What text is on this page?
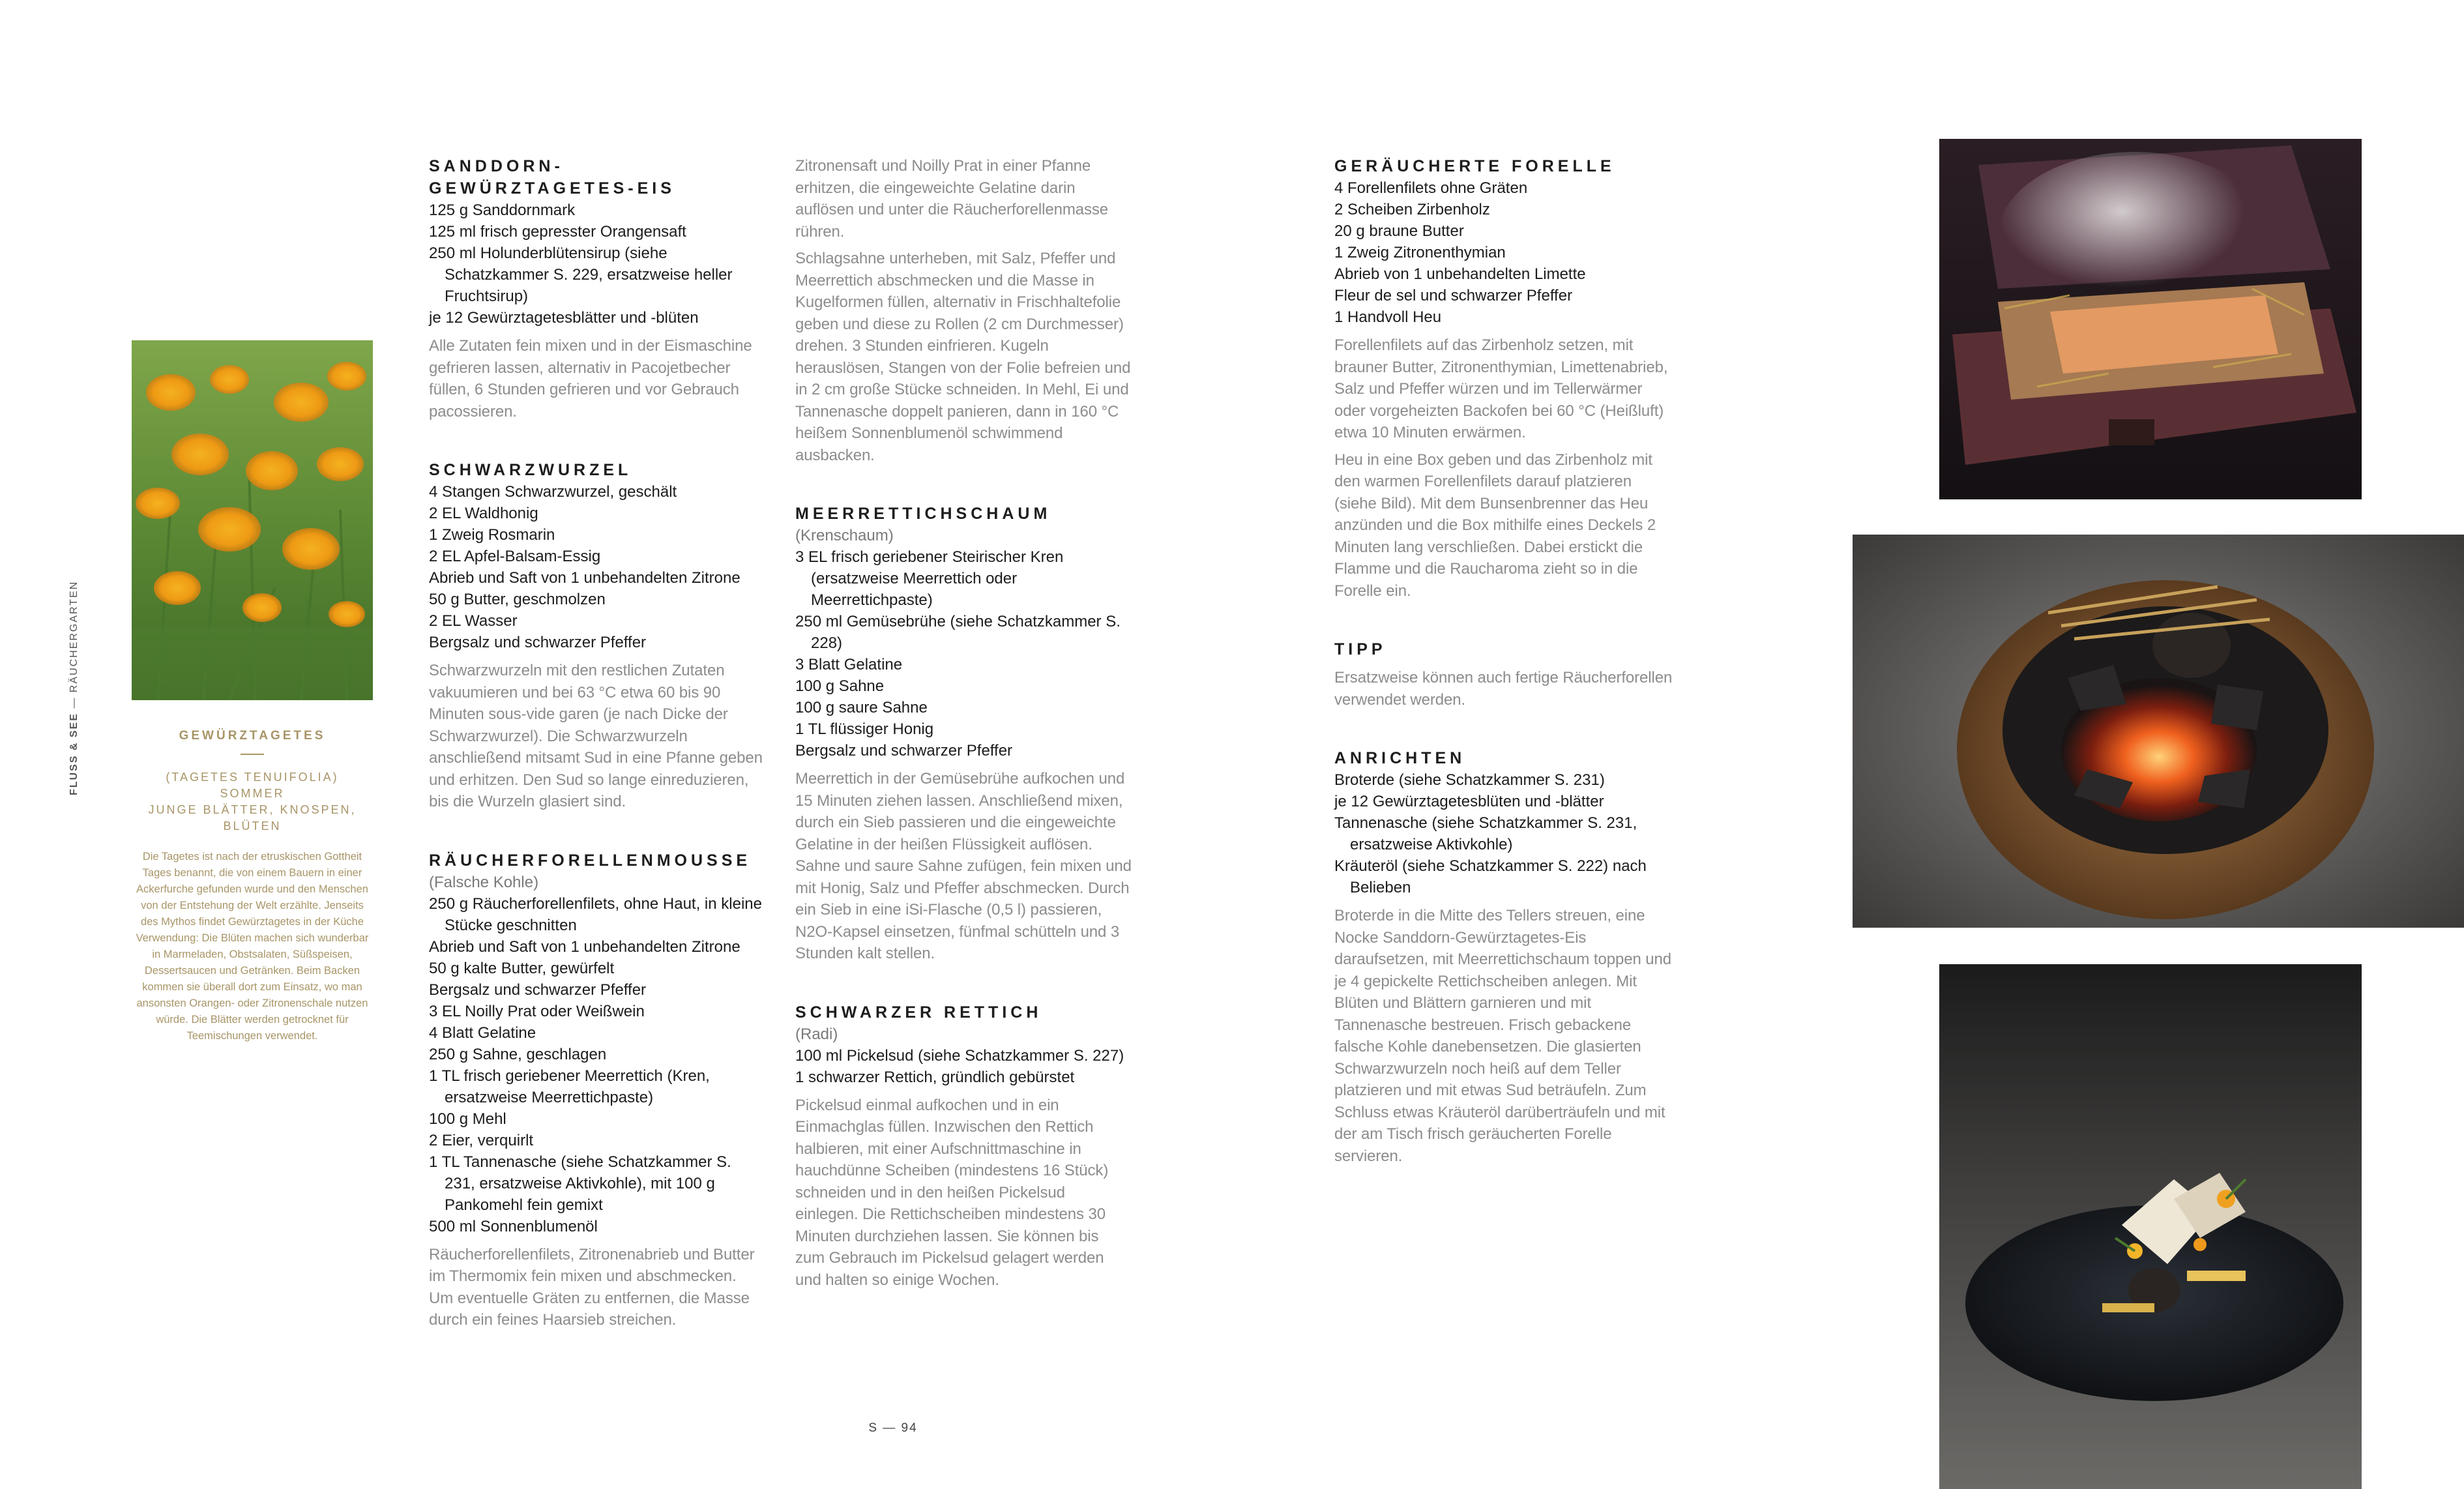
FLUSS & SEE — RÄUCHERGARTEN
GEWÜRZTAGETES
(TAGETES TENUIFOLIA)
SOMMER
JUNGE BLÄTTER, KNOSPEN, BLÜTEN
Die Tagetes ist nach der etruskischen Gottheit Tages benannt, die von einem Bauern in einer Ackerfurche gefunden wurde und den Menschen von der Entstehung der Welt erzählte. Jenseits des Mythos findet Gewürztagetes in der Küche Verwendung: Die Blüten machen sich wunderbar in Marmeladen, Obstsalaten, Süßspeisen, Dessertsaucen und Getränken. Beim Backen kommen sie überall dort zum Einsatz, wo man ansonsten Orangen- oder Zitronenschale nutzen würde. Die Blätter werden getrocknet für Teemischungen verwendet.
SANDDORN-GEWÜRZTAGETES-EIS
125 g Sanddornmark
125 ml frisch gepresster Orangensaft
250 ml Holunderblütensirup (siehe Schatzkammer S. 229, ersatzweise heller Fruchtsirup)
je 12 Gewürztagetesblätter und -blüten

Alle Zutaten fein mixen und in der Eismaschine gefrieren lassen, alternativ in Pacojetbecher füllen, 6 Stunden gefrieren und vor Gebrauch pacossieren.

SCHWARZWURZEL
4 Stangen Schwarzwurzel, geschält
2 EL Waldhonig
1 Zweig Rosmarin
2 EL Apfel-Balsam-Essig
Abrieb und Saft von 1 unbehandelten Zitrone
50 g Butter, geschmolzen
2 EL Wasser
Bergsalz und schwarzer Pfeffer

Schwarzwurzeln mit den restlichen Zutaten vakuumieren und bei 63 °C etwa 60 bis 90 Minuten sous-vide garen (je nach Dicke der Schwarzwurzel). Die Schwarzwurzeln anschließend mitsamt Sud in eine Pfanne geben und erhitzen. Den Sud so lange einreduzieren, bis die Wurzeln glasiert sind.

RÄUCHERFORELLENMOUSSE
(Falsche Kohle)
250 g Räucherforellenfilets, ohne Haut, in kleine Stücke geschnitten
Abrieb und Saft von 1 unbehandelten Zitrone
50 g kalte Butter, gewürfelt
Bergsalz und schwarzer Pfeffer
3 EL Noilly Prat oder Weißwein
4 Blatt Gelatine
250 g Sahne, geschlagen
1 TL frisch geriebener Meerrettich (Kren, ersatzweise Meerrettichpaste)
100 g Mehl
2 Eier, verquirlt
1 TL Tannenasche (siehe Schatzkammer S. 231, ersatzweise Aktivkohle), mit 100 g Pankomehl fein gemixt
500 ml Sonnenblumenöl

Räucherforellenfilets, Zitronenabrieb und Butter im Thermomix fein mixen und abschmecken. Um eventuelle Gräten zu entfernen, die Masse durch ein feines Haarsieb streichen.

Zitronensaft und Noilly Prat in einer Pfanne erhitzen, die eingeweichte Gelatine darin auflösen und unter die Räucherforellenmasse rühren.

Schlagsahne unterheben, mit Salz, Pfeffer und Meerrettich abschmecken und die Masse in Kugelformen füllen, alternativ in Frischhaltefolie geben und diese zu Rollen (2 cm Durchmesser) drehen. 3 Stunden einfrieren. Kugeln herauslösen, Stangen von der Folie befreien und in 2 cm große Stücke schneiden. In Mehl, Ei und Tannenasche doppelt panieren, dann in 160 °C heißem Sonnenblumenöl schwimmend ausbacken.

MEERRETTICHSCHAUM
(Krenschaum)
3 EL frisch geriebener Steirischer Kren (ersatzweise Meerrettich oder Meerrettichpaste)
250 ml Gemüsebrühe (siehe Schatzkammer S. 228)
3 Blatt Gelatine
100 g Sahne
100 g saure Sahne
1 TL flüssiger Honig
Bergsalz und schwarzer Pfeffer

Meerrettich in der Gemüsebrühe aufkochen und 15 Minuten ziehen lassen. Anschließend mixen, durch ein Sieb passieren und die eingeweichte Gelatine in der heißen Flüssigkeit auflösen. Sahne und saure Sahne zufügen, fein mixen und mit Honig, Salz und Pfeffer abschmecken. Durch ein Sieb in eine iSi-Flasche (0,5 l) passieren, N2O-Kapsel einsetzen, fünfmal schütteln und 3 Stunden kalt stellen.

SCHWARZER RETTICH
(Radi)
100 ml Pickelsud (siehe Schatzkammer S. 227)
1 schwarzer Rettich, gründlich gebürstet

Pickelsud einmal aufkochen und in ein Einmachglas füllen. Inzwischen den Rettich halbieren, mit einer Aufschnittmaschine in hauchdünne Scheiben (mindestens 16 Stück) schneiden und in den heißen Pickelsud einlegen. Die Rettichscheiben mindestens 30 Minuten durchziehen lassen. Sie können bis zum Gebrauch im Pickelsud gelagert werden und halten so einige Wochen.

GERÄUCHERTE FORELLE
4 Forellenfilets ohne Gräten
2 Scheiben Zirbenholz
20 g braune Butter
1 Zweig Zitronenthymian
Abrieb von 1 unbehandelten Limette
Fleur de sel und schwarzer Pfeffer
1 Handvoll Heu

Forellenfilets auf das Zirbenholz setzen, mit brauner Butter, Zitronenthymian, Limettenabrieb, Salz und Pfeffer würzen und im Tellerwärmer oder vorgeheizten Backofen bei 60 °C (Heißluft) etwa 10 Minuten erwärmen.

Heu in eine Box geben und das Zirbenholz mit den warmen Forellenfilets darauf platzieren (siehe Bild). Mit dem Bunsenbrenner das Heu anzünden und die Box mithilfe eines Deckels 2 Minuten lang verschließen. Dabei erstickt die Flamme und die Raucharoma zieht so in die Forelle ein.

TIPP

Ersatzweise können auch fertige Räucherforellen verwendet werden.

ANRICHTEN
Broterde (siehe Schatzkammer S. 231)
je 12 Gewürztagetesblüten und -blätter
Tannenasche (siehe Schatzkammer S. 231, ersatzweise Aktivkohle)
Kräuteröl (siehe Schatzkammer S. 222) nach Belieben

Broterde in die Mitte des Tellers streuen, eine Nocke Sanddorn-Gewürztagetes-Eis daraufsetzen, mit Meerrettichschaum toppen und je 4 gepickelte Rettichscheiben anlegen. Mit Blüten und Blättern garnieren und mit Tannenasche bestreuen. Frisch gebackene falsche Kohle danebensetzen. Die glasierten Schwarzwurzeln noch heiß auf dem Teller platzieren und mit etwas Sud beträufeln. Zum Schluss etwas Kräuteröl darüberträufeln und mit der am Tisch frisch geräucherten Forelle servieren.

S — 94
